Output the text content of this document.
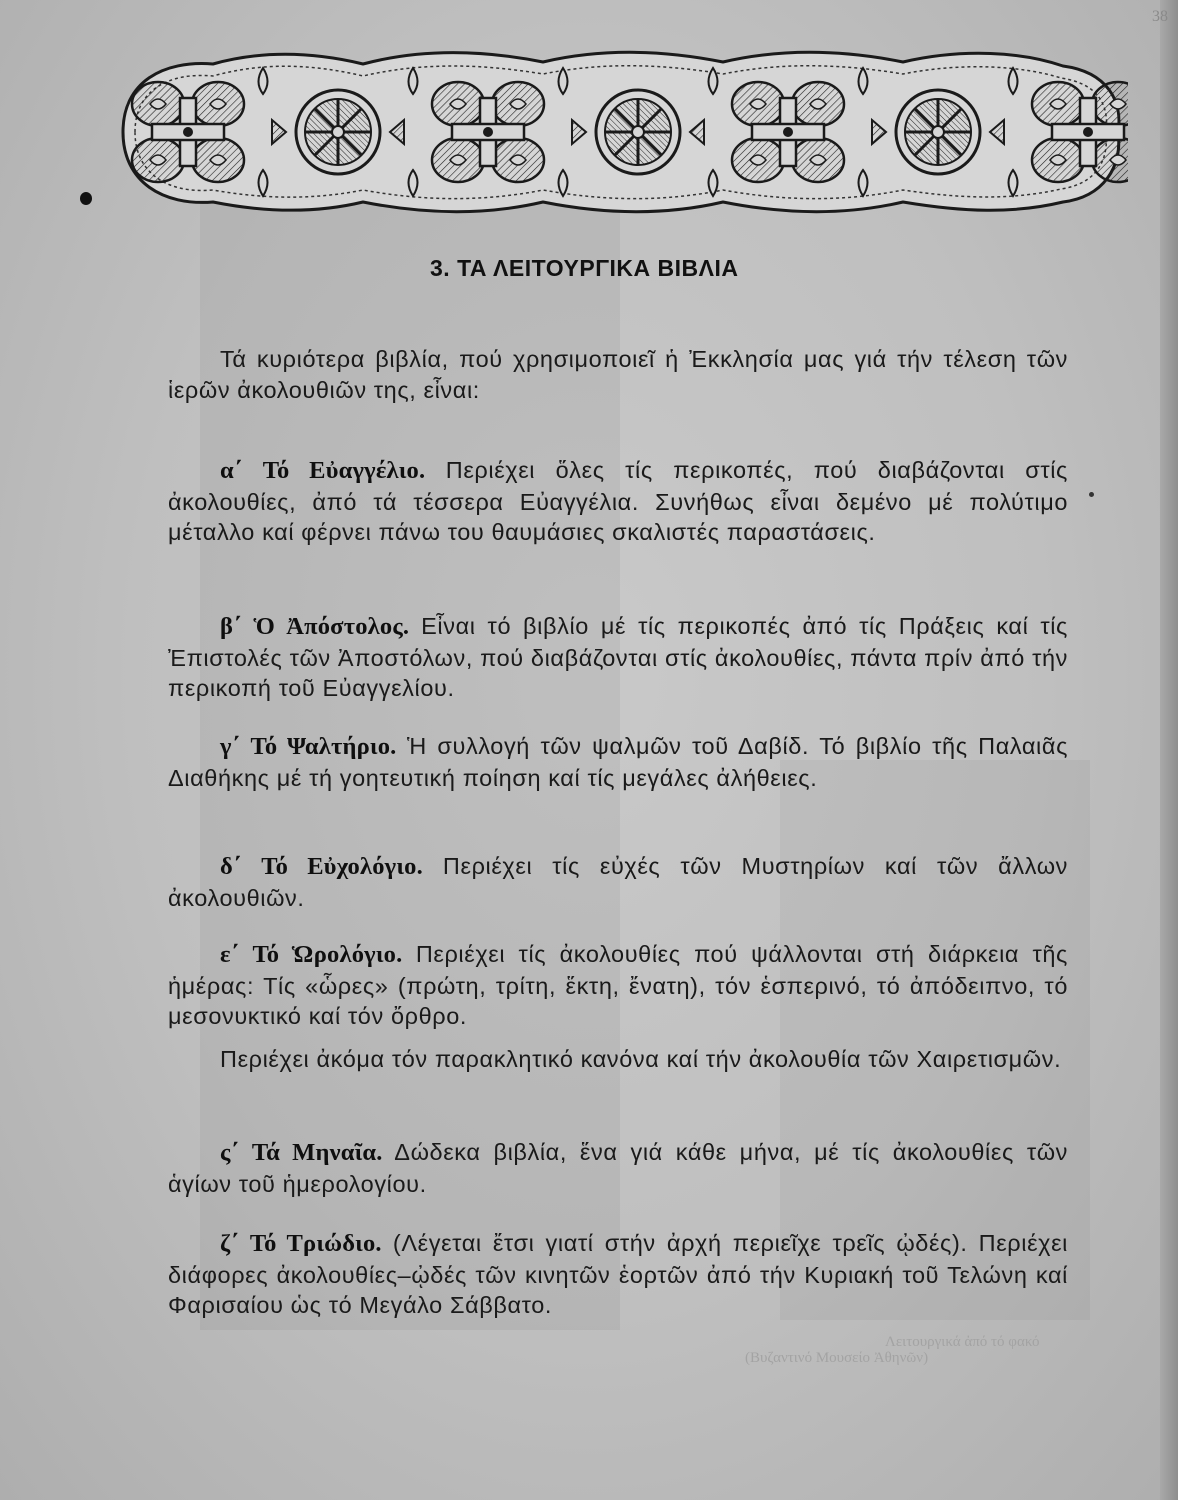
38
3. ΤΑ ΛΕΙΤΟΥΡΓΙΚΑ ΒΙΒΛΙΑ
Τά κυριότερα βιβλία, πού χρησιμοποιεῖ ἡ Ἐκκλησία μας γιά τήν τέλεση τῶν ἱερῶν ἀκολουθιῶν της, εἶναι:
α΄ Τό Εὐαγγέλιο. Περιέχει ὅλες τίς περικοπές, πού διαβάζονται στίς ἀκολουθίες, ἀπό τά τέσσερα Εὐαγγέλια. Συνήθως εἶναι δεμένο μέ πολύτιμο μέταλλο καί φέρνει πάνω του θαυμάσιες σκαλιστές παραστάσεις.
β΄ Ὁ Ἀπόστολος. Εἶναι τό βιβλίο μέ τίς περικοπές ἀπό τίς Πράξεις καί τίς Ἐπιστολές τῶν Ἀποστόλων, πού διαβάζονται στίς ἀκολουθίες, πάντα πρίν ἀπό τήν περικοπή τοῦ Εὐαγγελίου.
γ΄ Τό Ψαλτήριο. Ἡ συλλογή τῶν ψαλμῶν τοῦ Δαβίδ. Τό βιβλίο τῆς Παλαιᾶς Διαθήκης μέ τή γοητευτική ποίηση καί τίς μεγάλες ἀλήθειες.
δ΄ Τό Εὐχολόγιο. Περιέχει τίς εὐχές τῶν Μυστηρίων καί τῶν ἄλλων ἀκολουθιῶν.
ε΄ Τό Ὡρολόγιο. Περιέχει τίς ἀκολουθίες πού ψάλλονται στή διάρκεια τῆς ἡμέρας: Τίς «ὧρες» (πρώτη, τρίτη, ἕκτη, ἔνατη), τόν ἑσπερινό, τό ἀπόδειπνο, τό μεσονυκτικό καί τόν ὄρθρο.
Περιέχει ἀκόμα τόν παρακλητικό κανόνα καί τήν ἀκολουθία τῶν Χαιρετισμῶν.
ς΄ Τά Μηναῖα. Δώδεκα βιβλία, ἕνα γιά κάθε μήνα, μέ τίς ἀκολουθίες τῶν ἁγίων τοῦ ἡμερολογίου.
ζ΄ Τό Τριώδιο. (Λέγεται ἔτσι γιατί στήν ἀρχή περιεῖχε τρεῖς ᾠδές). Περιέχει διάφορες ἀκολουθίες–ᾠδές τῶν κινητῶν ἑορτῶν ἀπό τήν Κυριακή τοῦ Τελώνη καί Φαρισαίου ὡς τό Μεγάλο Σάββατο.
(Βυζαντινό Μουσείο Ἀθηνῶν)
Λειτουργικά ἀπό τό φακό
